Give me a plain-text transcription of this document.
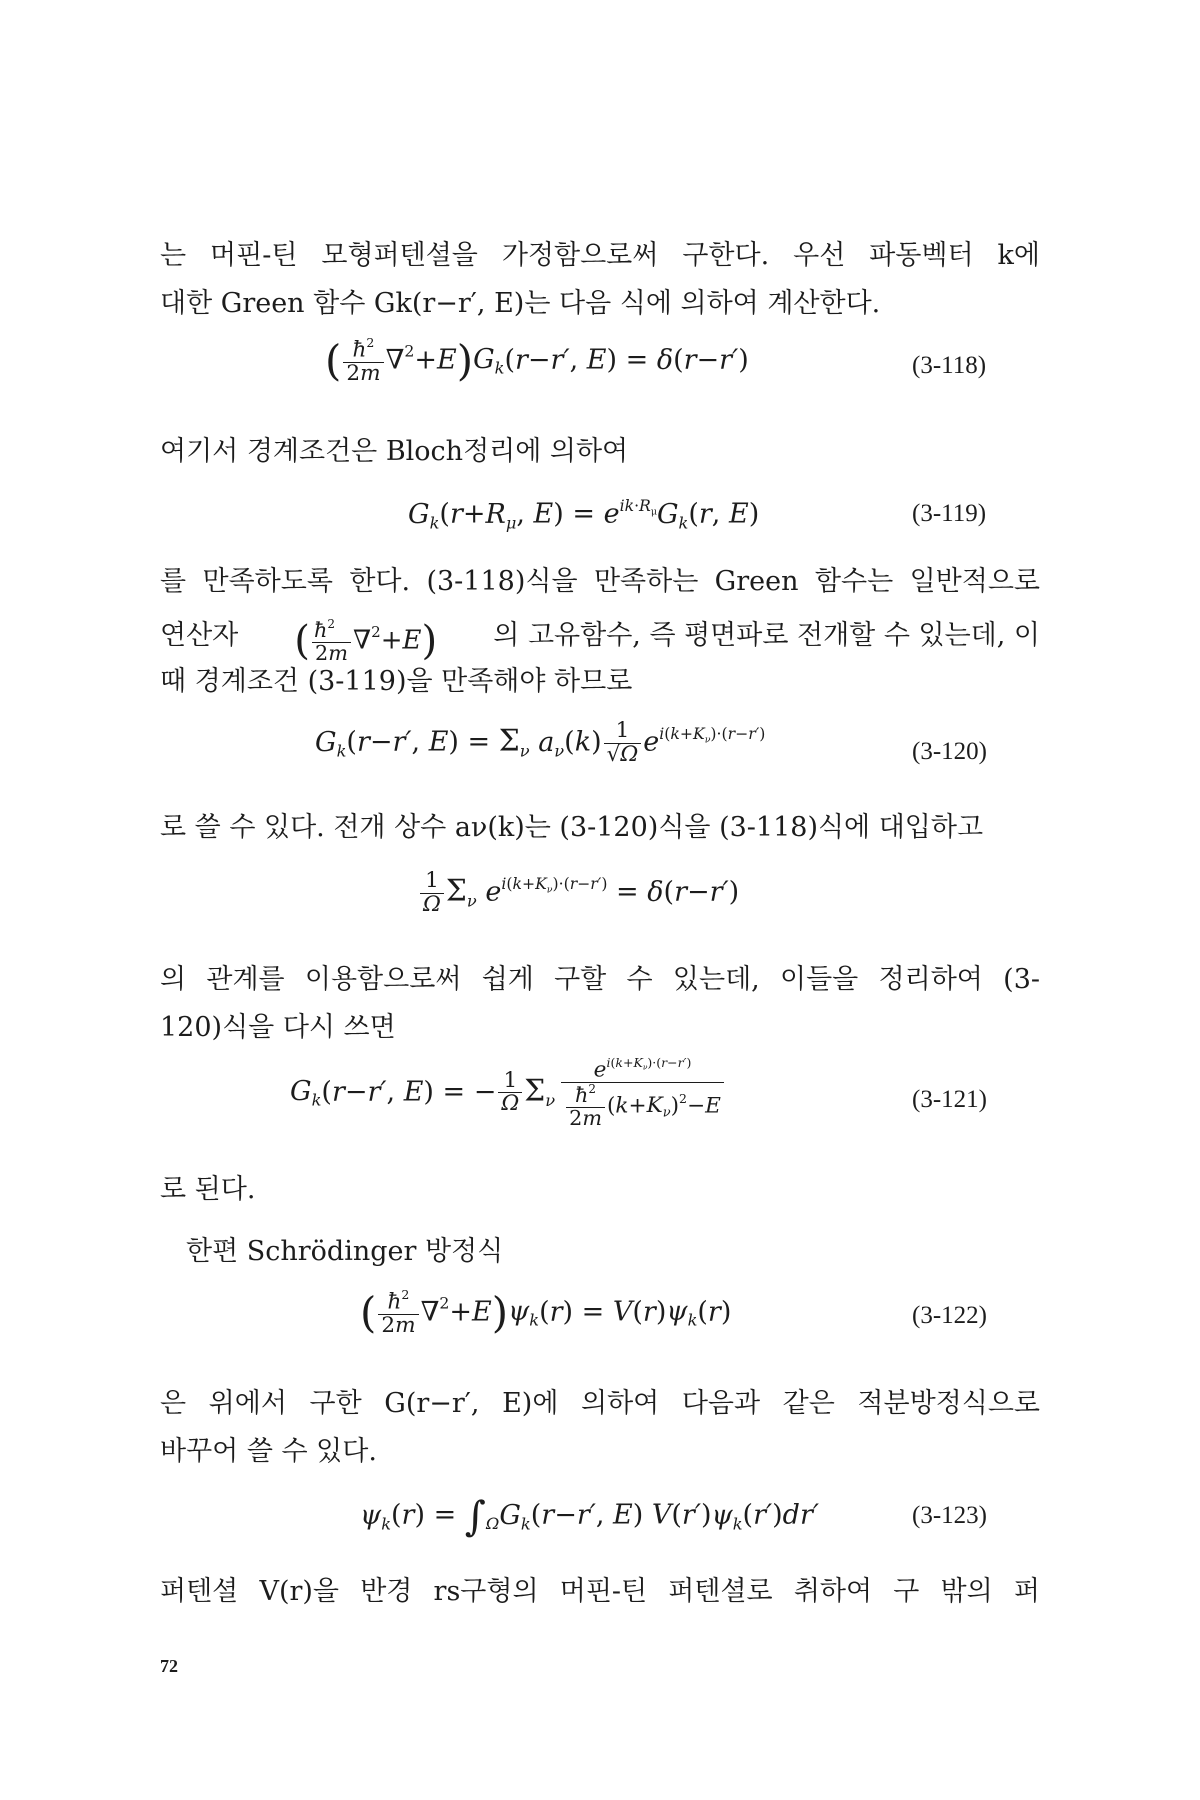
는 머핀-틴 모형퍼텐셜을 가정함으로써 구한다. 우선 파동벡터 k에
대한 Green 함수 Gk(r−r′, E)는 다음 식에 의하여 계산한다.
( $\frac{ħ^2}{2m} \nabla^2+E)G_k(r-r'$, E) = δ(r−r′)	(3-118)
여기서 경계조건은 Bloch정리에 의하여
$G_k(r+R_\mu$, $E) = e^{ik\cdot R_\mu}G_k(r$, E)	(3-119)
를 만족하도록 한다. (3-118)식을 만족하는 Green 함수는 일반적으로
연산자 ( $\frac{ħ^2}{2m} \nabla^2+E$) 의 고유함수, 즉 평면파로 전개할 수 있는데, 이
때 경계조건 (3-119)을 만족해야 하므로
$G_k(r-r'$, $E) = \Sigma_\nu$ $a_\nu(k) \frac{1}{√\Omega} e^{i(k+K_\nu)\cdot(r-r')}$
(3-120)
로 쓸 수 있다. 전개 상수 aν(k)는 (3-120)식을 (3-118)식에 대입하고
$\frac{1}{\Omega} \Sigma_\nu$ $e^{i(k+K_\nu)\cdot(r-r')} = \delta(r-r')$
의 관계를 이용함으로써 쉽게 구할 수 있는데, 이들을 정리하여 (3-
120)식을 다시 쓰면
$G_k(r-r'$, E) = − $\frac{1}{\Omega} \Sigma_\nu \frac{e^{i(k+K_\nu)\cdot(r-r')}}{\frac{ħ^2}{2m} (k+K_\nu)^2-E}$	(3-121)
로 된다.
한편 Schrödinger 방정식
( $\frac{ħ^2}{2m} \nabla^2+E)\psi_k(r) = V(r)\psi_k(r)$	(3-122)
은 위에서 구한 G(r−r′, E)에 의하여 다음과 같은 적분방정식으로
바꾸어 쓸 수 있다.
$\psi_k(r) = \int_\Omega G_k(r-r'$, E) $V(r')\psi_k(r')dr'$	(3-123)
퍼텐셜 V(r)을 반경 rs구형의 머핀-틴 퍼텐셜로 취하여 구 밖의 퍼
72
